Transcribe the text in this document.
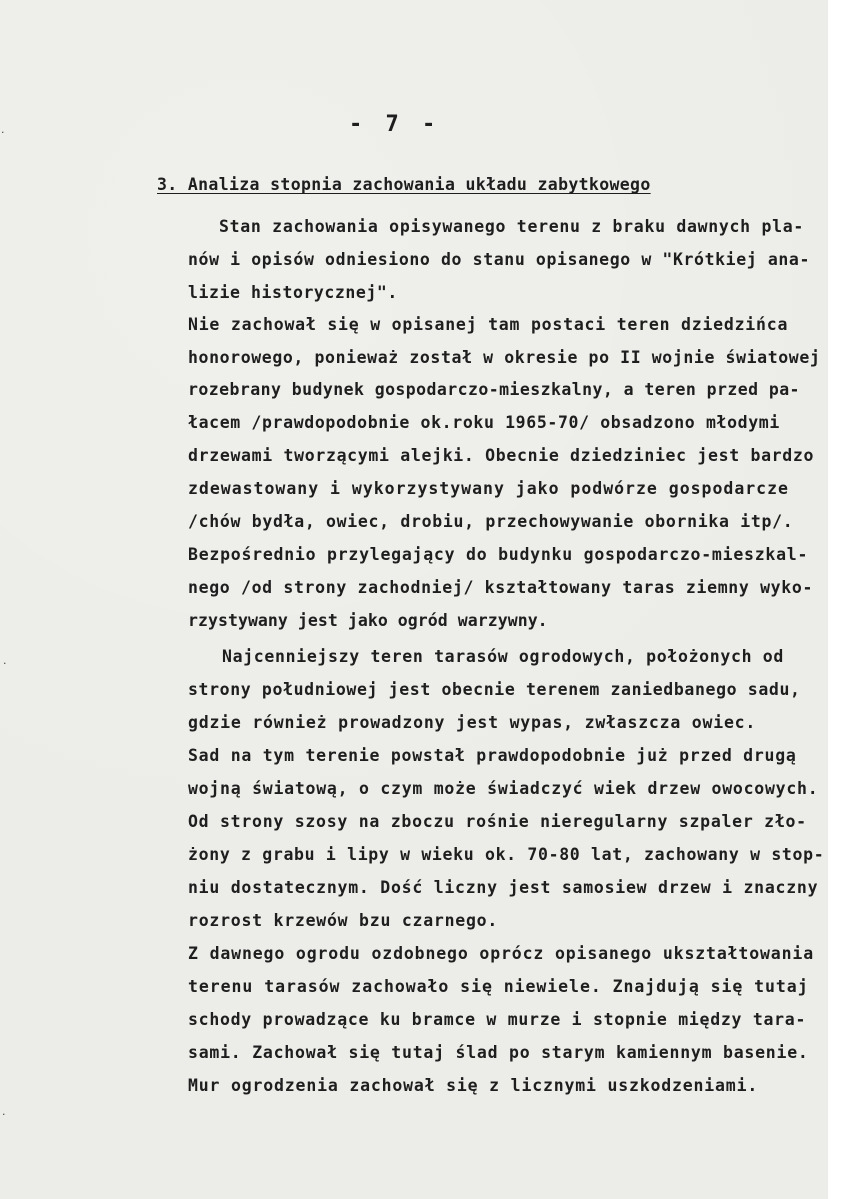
- 7 -
3. Analiza stopnia zachowania układu zabytkowego
Stan zachowania opisywanego terenu z braku dawnych pla-
nów i opisów odniesiono do stanu opisanego w "Krótkiej ana-
lizie historycznej".
Nie zachował się w opisanej tam postaci teren dziedzińca
honorowego, ponieważ został w okresie po II wojnie światowej
rozebrany budynek gospodarczo-mieszkalny, a teren przed pa-
łacem /prawdopodobnie ok.roku 1965-70/ obsadzono młodymi
drzewami tworzącymi alejki. Obecnie dziedziniec jest bardzo
zdewastowany i wykorzystywany jako podwórze gospodarcze
/chów bydła, owiec, drobiu, przechowywanie obornika itp/.
Bezpośrednio przylegający do budynku gospodarczo-mieszkal-
nego /od strony zachodniej/ kształtowany taras ziemny wyko-
rzystywany jest jako ogród warzywny.
Najcenniejszy teren tarasów ogrodowych, położonych od
strony południowej jest obecnie terenem zaniedbanego sadu,
gdzie również prowadzony jest wypas, zwłaszcza owiec.
Sad na tym terenie powstał prawdopodobnie już przed drugą
wojną światową, o czym może świadczyć wiek drzew owocowych.
Od strony szosy na zboczu rośnie nieregularny szpaler zło-
żony z grabu i lipy w wieku ok. 70-80 lat, zachowany w stop-
niu dostatecznym. Dość liczny jest samosiew drzew i znaczny
rozrost krzewów bzu czarnego.
Z dawnego ogrodu ozdobnego oprócz opisanego ukształtowania
terenu tarasów zachowało się niewiele. Znajdują się tutaj
schody prowadzące ku bramce w murze i stopnie między tara-
sami. Zachował się tutaj ślad po starym kamiennym basenie.
Mur ogrodzenia zachował się z licznymi uszkodzeniami.
·
·
·
